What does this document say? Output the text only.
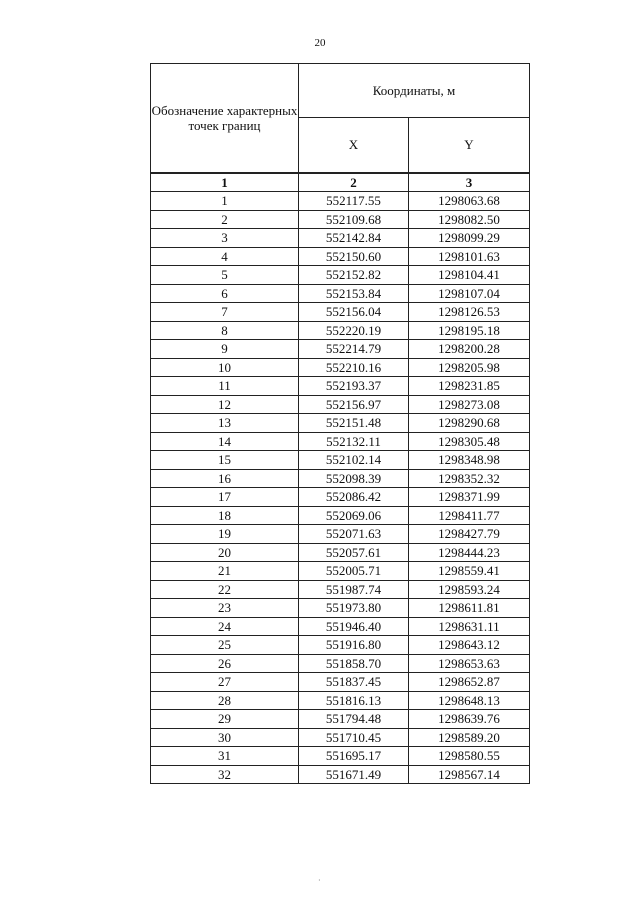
20
Обозначение характерных точек границ	Координаты, м	
	X	Y
1	2	3
1	552117.55	1298063.68
2	552109.68	1298082.50
3	552142.84	1298099.29
4	552150.60	1298101.63
5	552152.82	1298104.41
6	552153.84	1298107.04
7	552156.04	1298126.53
8	552220.19	1298195.18
9	552214.79	1298200.28
10	552210.16	1298205.98
11	552193.37	1298231.85
12	552156.97	1298273.08
13	552151.48	1298290.68
14	552132.11	1298305.48
15	552102.14	1298348.98
16	552098.39	1298352.32
17	552086.42	1298371.99
18	552069.06	1298411.77
19	552071.63	1298427.79
20	552057.61	1298444.23
21	552005.71	1298559.41
22	551987.74	1298593.24
23	551973.80	1298611.81
24	551946.40	1298631.11
25	551916.80	1298643.12
26	551858.70	1298653.63
27	551837.45	1298652.87
28	551816.13	1298648.13
29	551794.48	1298639.76
30	551710.45	1298589.20
31	551695.17	1298580.55
32	551671.49	1298567.14
·
